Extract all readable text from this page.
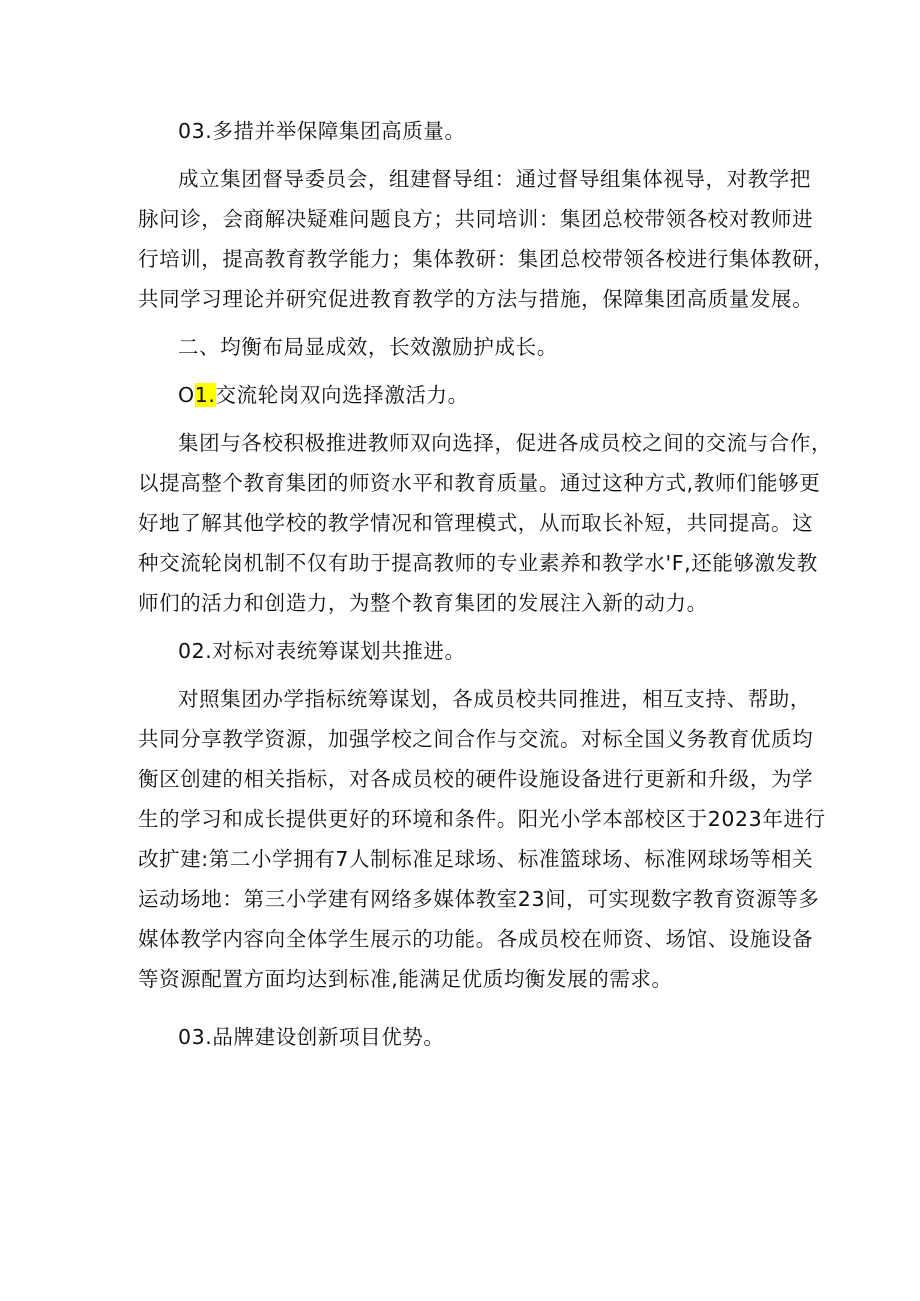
03.多措并举保障集团高质量。

成立集团督导委员会，组建督导组：通过督导组集体视导，对教学把

脉问诊，会商解决疑难问题良方；共同培训：集团总校带领各校对教师进

行培训，提高教育教学能力；集体教研：集团总校带领各校进行集体教研，

共同学习理论并研究促进教育教学的方法与措施，保障集团高质量发展。

二、均衡布局显成效，长效激励护成长。

O1.交流轮岗双向选择激活力。

集团与各校积极推进教师双向选择，促进各成员校之间的交流与合作，

以提高整个教育集团的师资水平和教育质量。通过这种方式,教师们能够更

好地了解其他学校的教学情况和管理模式，从而取长补短，共同提高。这

种交流轮岗机制不仅有助于提高教师的专业素养和教学水'F,还能够激发教

师们的活力和创造力，为整个教育集团的发展注入新的动力。

02.对标对表统筹谋划共推进。

对照集团办学指标统筹谋划，各成员校共同推进，相互支持、帮助，

共同分享教学资源，加强学校之间合作与交流。对标全国义务教育优质均

衡区创建的相关指标，对各成员校的硬件设施设备进行更新和升级，为学

生的学习和成长提供更好的环境和条件。阳光小学本部校区于2023年进行

改扩建:第二小学拥有7人制标准足球场、标准篮球场、标准网球场等相关

运动场地：第三小学建有网络多媒体教室23间，可实现数字教育资源等多

媒体教学内容向全体学生展示的功能。各成员校在师资、场馆、设施设备

等资源配置方面均达到标准,能满足优质均衡发展的需求。

03.品牌建设创新项目优势。
